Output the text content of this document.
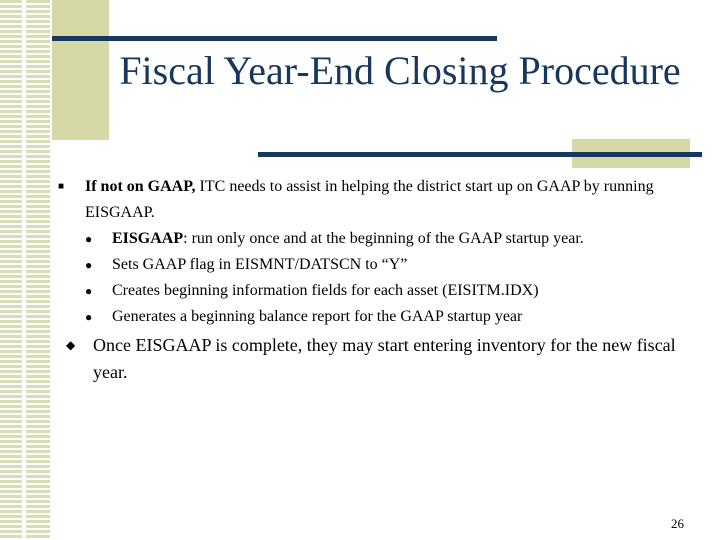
Fiscal Year-End Closing Procedure

■ If not on GAAP, ITC needs to assist in helping the district start up on GAAP by running EISGAAP.

● EISGAAP: run only once and at the beginning of the GAAP startup year.

● Sets GAAP flag in EISMNT/DATSCN to “Y”

● Creates beginning information fields for each asset (EISITM.IDX)

● Generates a beginning balance report for the GAAP startup year

◆ Once EISGAAP is complete, they may start entering inventory for the new fiscal year.

26
